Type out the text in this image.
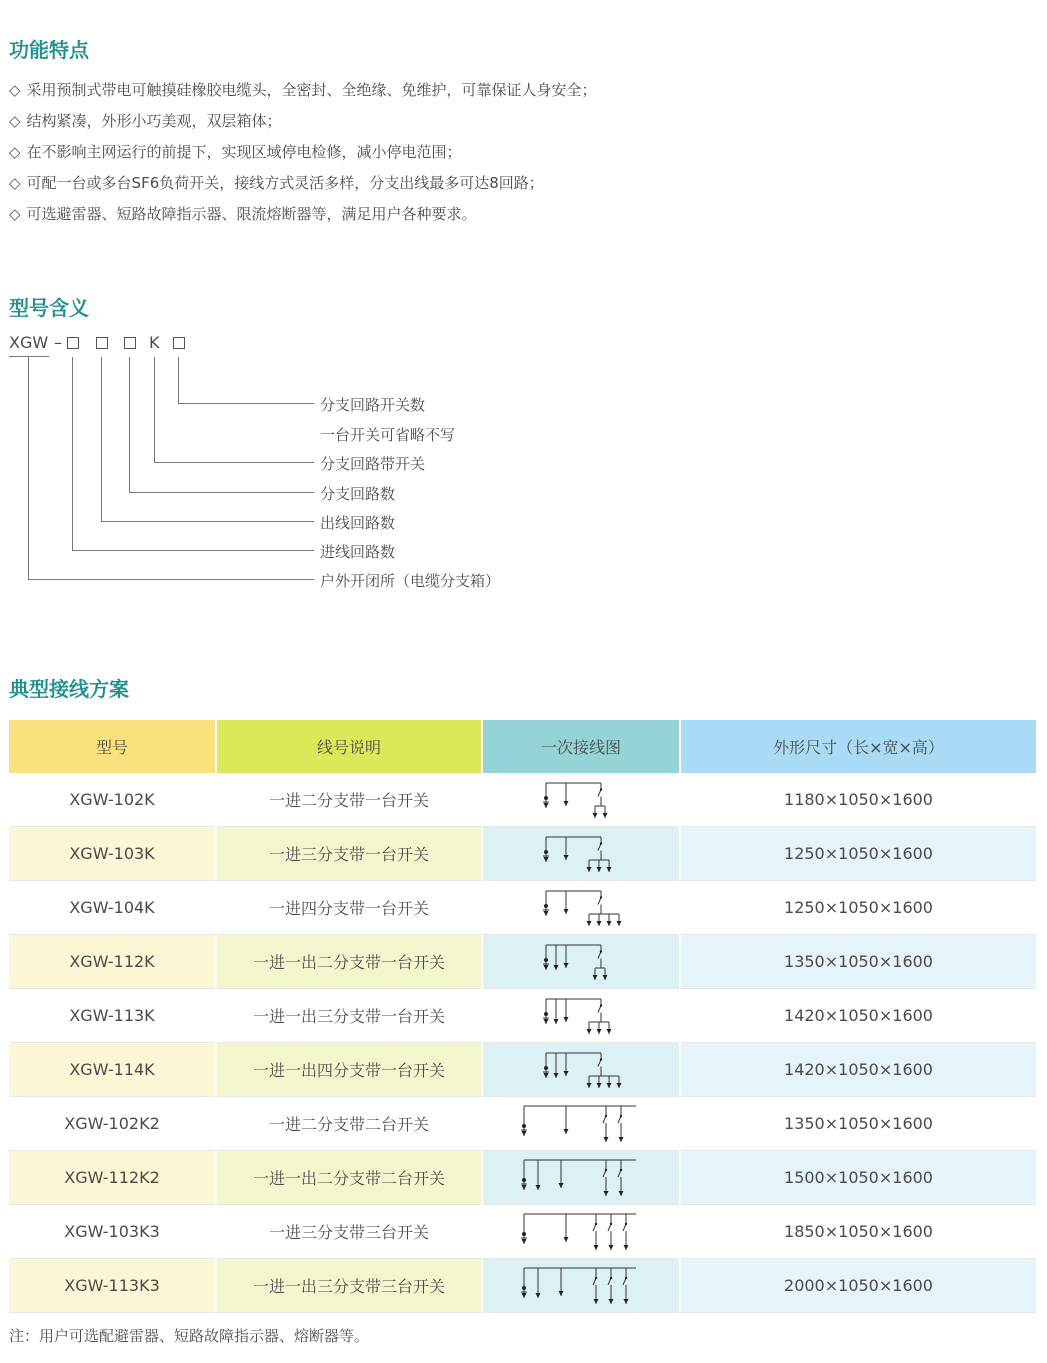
功能特点
◇ 采用预制式带电可触摸硅橡胶电缆头，全密封、全绝缘、免维护，可靠保证人身安全；
◇ 结构紧凑，外形小巧美观，双层箱体；
◇ 在不影响主网运行的前提下，实现区域停电检修，减小停电范围；
◇ 可配一台或多台SF6负荷开关，接线方式灵活多样，分支出线最多可达8回路；
◇ 可选避雷器、短路故障指示器、限流熔断器等，满足用户各种要求。
型号含义
XGW –	K
分支回路开关数
一台开关可省略不写
分支回路带开关
分支回路数
出线回路数
进线回路数
户外开闭所（电缆分支箱）
典型接线方案
型号	线号说明	一次接线图	外形尺寸（长×宽×高）
XGW-102K	一进二分支带一台开关		1180×1050×1600
XGW-103K	一进三分支带一台开关		1250×1050×1600
XGW-104K	一进四分支带一台开关		1250×1050×1600
XGW-112K	一进一出二分支带一台开关		1350×1050×1600
XGW-113K	一进一出三分支带一台开关		1420×1050×1600
XGW-114K	一进一出四分支带一台开关		1420×1050×1600
XGW-102K2	一进二分支带二台开关		1350×1050×1600
XGW-112K2	一进一出二分支带二台开关		1500×1050×1600
XGW-103K3	一进三分支带三台开关		1850×1050×1600
XGW-113K3	一进一出三分支带三台开关		2000×1050×1600
注：用户可选配避雷器、短路故障指示器、熔断器等。
